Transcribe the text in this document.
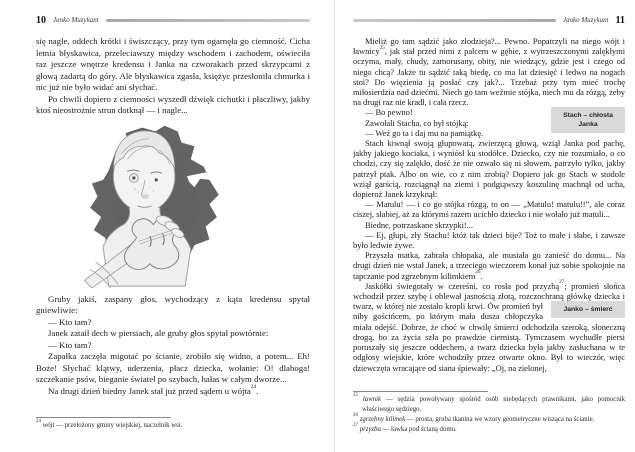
10 Janko Muzykant

się nagle, oddech krótki i świszczący, przy tym ogarnęła go ciemność. Cicha letnia błyskawica, przeleciawszy między wschodem i zachodem, oświeciła raz jeszcze wnętrze kredensu i Janka na czworakach przed skrzypcami z głową zadartą do góry. Ale błyskawica zgasła, księżyc przesłoniła chmurka i nic już nie było widać ani słychać.

Po chwili dopiero z ciemności wyszedł dźwięk cichutki i płaczliwy, jakby ktoś nieostrożnie strun dotknął — i nagle...

Gruby jakiś, zaspany głos, wychodzący z kąta kredensu spytał gniewliwie:

— Kto tam?

Janek zataił dech w piersiach, ale gruby głos spytał powtórnie:

— Kto tam?

Zapałka zaczęła migotać po ścianie, zrobiło się widno, a potem... Eh! Boże! Słychać klątwy, uderzenia, płacz dziecka, wołanie: O! dlaboga! szczekanie psów, bieganie świateł po szybach, hałas w całym dworze...

Na drugi dzień biedny Janek stał już przed sądem u wójta$^{24}$.

$^{24}$ wójt — przełożony gminy wiejskiej, naczelnik wsi.
Janko Muzykant 11

Mieliż go tam sądzić jako złodzieja?... Pewno. Popatrzyli na niego wójt i ławnicy$^{25}$, jak stał przed nimi z palcem w gębie, z wytrzeszczonymi zalękłymi oczyma, mały, chudy, zamorusany, obity, nie wiedzący, gdzie jest i czego od niego chcą? Jakże tu sądzić taką biedę, co ma lat dziesięć i ledwo na nogach stoi? Do więzienia ją posłać czy jak?... Trzebaż przy tym mieć trochę miłosierdzia nad dziećmi. Niech go tam weźmie stójka, niech mu da rózgą, żeby na drugi raz nie kradł, i cała rzecz.

Stach – chłosta Janka
— Bo pewno!

Zawołali Stacha, co był stójką:

— Weź go ta i daj mu na pamiątkę.

Stach kiwnął swoją głupowatą, zwierzęcą głową, wziął Janka pod pachę, jakby jakiego kociaka, i wyniósł ku stodółce. Dziecko, czy nie rozumiało, o co chodzi, czy się zalękło, dość że nie ozwało się ni słowem, patrzyło tylko, jakby patrzył ptak. Albo on wie, co z nim zrobią? Dopiero jak go Stach w stodole wziął garścią, rozciągnął na ziemi i podgiąwszy koszulinę machnął od ucha, dopieroż Janek krzyknął:

— Matulu! — i co go stójka rózgą, to on — „Matulu! matulu!!”, ale coraz ciszej, słabiej, aż za którymś razem ucichło dziecko i nie wołało już matuli...

Biedne, potrzaskane skrzypki!...

— Ej, głupi, zły Stachu! któż tak dzieci bije? Toż to małe i słabe, i zawsze było ledwie żywe.

Przyszła matka, zabrała chłopaka, ale musiała go zanieść do domu... Na drugi dzień nie wstał Janek, a trzeciego wieczorem konał już sobie spokojnie na tapczanie pod zgrzebnym kilimkiem$^{26}$.

Jaskółki świegotały w czereśni, co rosła pod przyzbą$^{27}$; promień słońca wchodził przez szybę i oblewał jasnością złotą, rozczochraną główkę
Janko – śmierć
dziecka i twarz, w której nie zostało kropli krwi. Ów promień był niby gościńcem, po którym mała dusza chłopczyka miała odejść. Dobrze, że choć w chwilę śmierci odchodziła szeroką, słoneczną drogą, bo za życia szła po prawdzie ciernistą. Tymczasem wychudłe piersi poruszały się jeszcze oddechem, a twarz dziecka była jakby zasłuchana w te odgłosy wiejskie, które wchodziły przez otwarte okno. Był to wieczór, więc dziewczęta wracające od siana śpiewały: „Oj, na zielonej,

$^{25}$ ławnik — sędzia powoływany spośród osób niebędących prawnikami, jako pomocnik właściwego sędziego.
$^{26}$ zgrzebny kilimek — prosta, gruba tkanina we wzory geometryczne wisząca na ścianie.
$^{27}$ przyzba — ławka pod ścianą domu.
